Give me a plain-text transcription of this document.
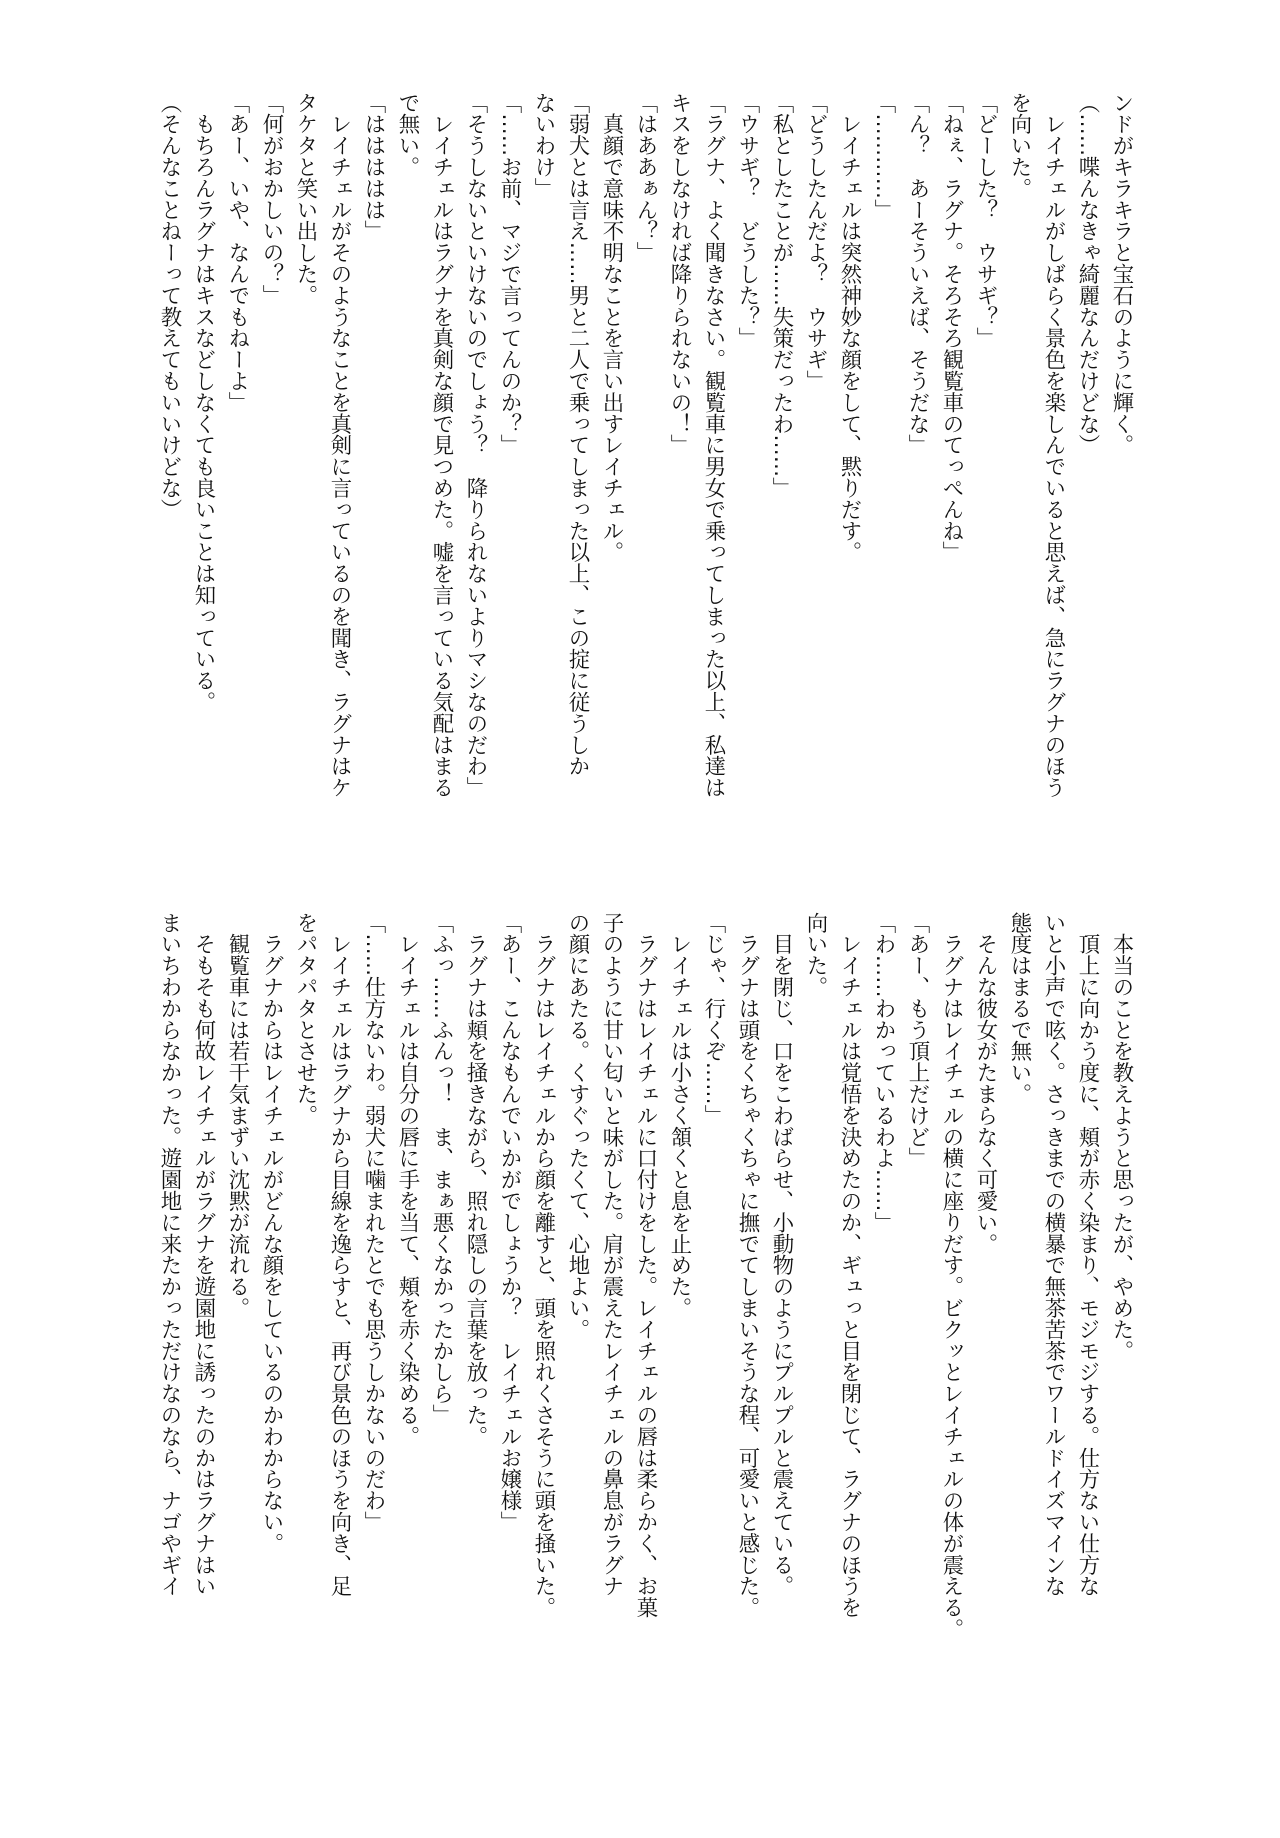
ンドがキラキラと宝石のように輝く。
（……喋んなきゃ綺麗なんだけどな）
　レイチェルがしばらく景色を楽しんでいると思えば、急にラグナのほう
を向いた。
「どーした？　ウサギ？」
「ねぇ、ラグナ。そろそろ観覧車のてっぺんね」
「ん？　あーそういえば、そうだな」
「…………」
　レイチェルは突然神妙な顔をして、黙りだす。
「どうしたんだよ？　ウサギ」
「私としたことが……失策だったわ……」
「ウサギ？　どうした？」
「ラグナ、よく聞きなさい。観覧車に男女で乗ってしまった以上、私達は
キスをしなければ降りられないの！」
「はああぁん？」
　真顔で意味不明なことを言い出すレイチェル。
「弱犬とは言え……男と二人で乗ってしまった以上、この掟に従うしか
ないわけ」
「……お前、マジで言ってんのか？」
「そうしないといけないのでしょう？　降りられないよりマシなのだわ」
　レイチェルはラグナを真剣な顔で見つめた。嘘を言っている気配はまる
で無い。
「ははははは」
　レイチェルがそのようなことを真剣に言っているのを聞き、ラグナはケ
タケタと笑い出した。
「何がおかしいの？」
「あー、いや、なんでもねーよ」
　もちろんラグナはキスなどしなくても良いことは知っている。
（そんなことねーって教えてもいいけどな）
　本当のことを教えようと思ったが、やめた。
　頂上に向かう度に、頬が赤く染まり、モジモジする。仕方ない仕方な
いと小声で呟く。さっきまでの横暴で無茶苦茶でワールドイズマインな
態度はまるで無い。
　そんな彼女がたまらなく可愛い。
　ラグナはレイチェルの横に座りだす。ビクッとレイチェルの体が震える。
「あー、もう頂上だけど」
「わ……わかっているわよ……」
　レイチェルは覚悟を決めたのか、ギュっと目を閉じて、ラグナのほうを
向いた。
　目を閉じ、口をこわばらせ、小動物のようにプルプルと震えている。
　ラグナは頭をくちゃくちゃに撫でてしまいそうな程、可愛いと感じた。
「じゃ、行くぞ……」
　レイチェルは小さく頷くと息を止めた。
　ラグナはレイチェルに口付けをした。レイチェルの唇は柔らかく、お菓
子のように甘い匂いと味がした。肩が震えたレイチェルの鼻息がラグナ
の顔にあたる。くすぐったくて、心地よい。
　ラグナはレイチェルから顔を離すと、頭を照れくさそうに頭を掻いた。
「あー、こんなもんでいかがでしょうか？　レイチェルお嬢様」
　ラグナは頬を掻きながら、照れ隠しの言葉を放った。
「ふっ……ふんっ！　ま、まぁ悪くなかったかしら」
　レイチェルは自分の唇に手を当て、頬を赤く染める。
「……仕方ないわ。弱犬に噛まれたとでも思うしかないのだわ」
　レイチェルはラグナから目線を逸らすと、再び景色のほうを向き、足
をパタパタとさせた。
　ラグナからはレイチェルがどんな顔をしているのかわからない。
　観覧車には若干気まずい沈黙が流れる。
　そもそも何故レイチェルがラグナを遊園地に誘ったのかはラグナはい
まいちわからなかった。遊園地に来たかっただけなのなら、ナゴやギイ
